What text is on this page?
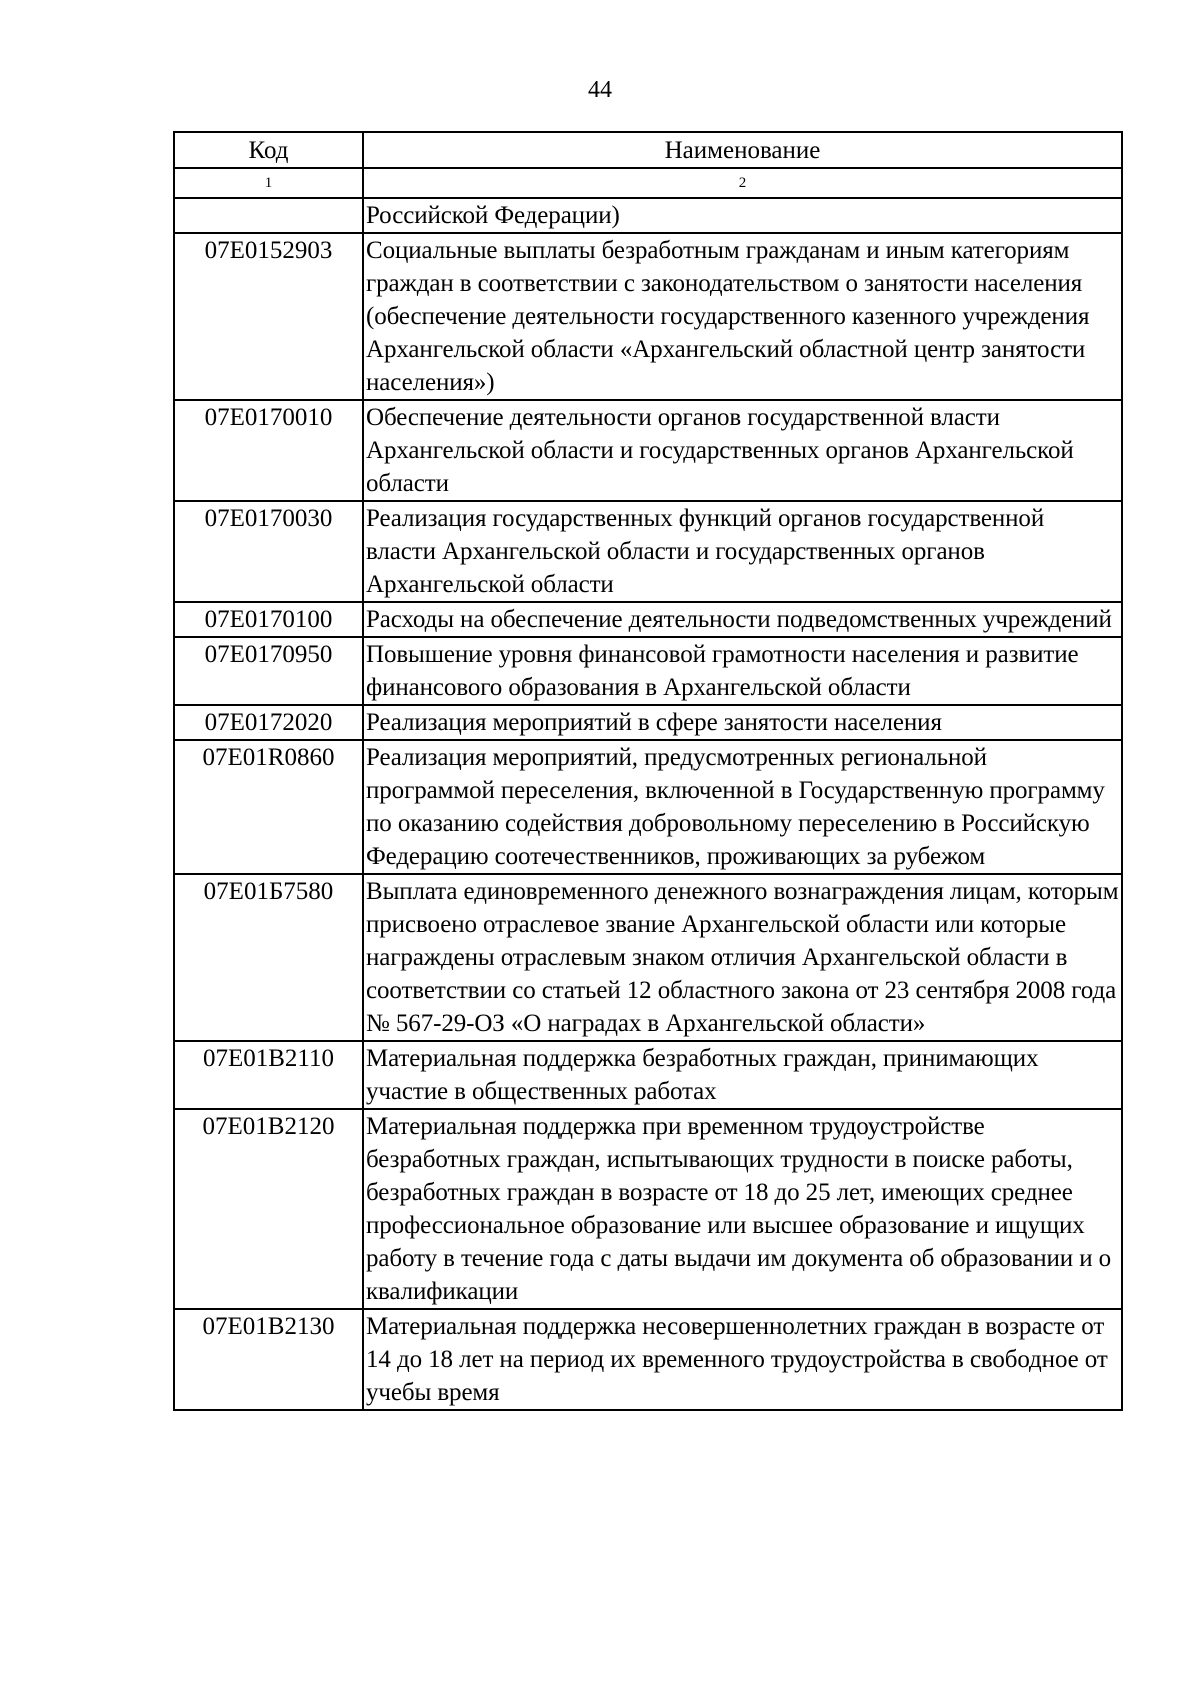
44
Код	Наименование
1	2
	Российской Федерации)
07Е0152903	Социальные выплаты безработным гражданам и иным категориям граждан в соответствии с законодательством о занятости населения (обеспечение деятельности государственного казенного учреждения Архангельской области «Архангельский областной центр занятости населения»)
07Е0170010	Обеспечение деятельности органов государственной власти Архангельской области и государственных органов Архангельской области
07Е0170030	Реализация государственных функций органов государственной власти Архангельской области и государственных органов Архангельской области
07Е0170100	Расходы на обеспечение деятельности подведомственных учреждений
07Е0170950	Повышение уровня финансовой грамотности населения и развитие финансового образования в Архангельской области
07Е0172020	Реализация мероприятий в сфере занятости населения
07Е01R0860	Реализация мероприятий, предусмотренных региональной программой переселения, включенной в Государственную программу по оказанию содействия добровольному переселению в Российскую Федерацию соотечественников, проживающих за рубежом
07Е01Б7580	Выплата единовременного денежного вознаграждения лицам, которым присвоено отраслевое звание Архангельской области или которые награждены отраслевым знаком отличия Архангельской области в соответствии со статьей 12 областного закона от 23 сентября 2008 года № 567-29-ОЗ «О наградах в Архангельской области»
07Е01В2110	Материальная поддержка безработных граждан, принимающих участие в общественных работах
07Е01В2120	Материальная поддержка при временном трудоустройстве безработных граждан, испытывающих трудности в поиске работы, безработных граждан в возрасте от 18 до 25 лет, имеющих среднее профессиональное образование или высшее образование и ищущих работу в течение года с даты выдачи им документа об образовании и о квалификации
07Е01В2130	Материальная поддержка несовершеннолетних граждан в возрасте от 14 до 18 лет на период их временного трудоустройства в свободное от учебы время
